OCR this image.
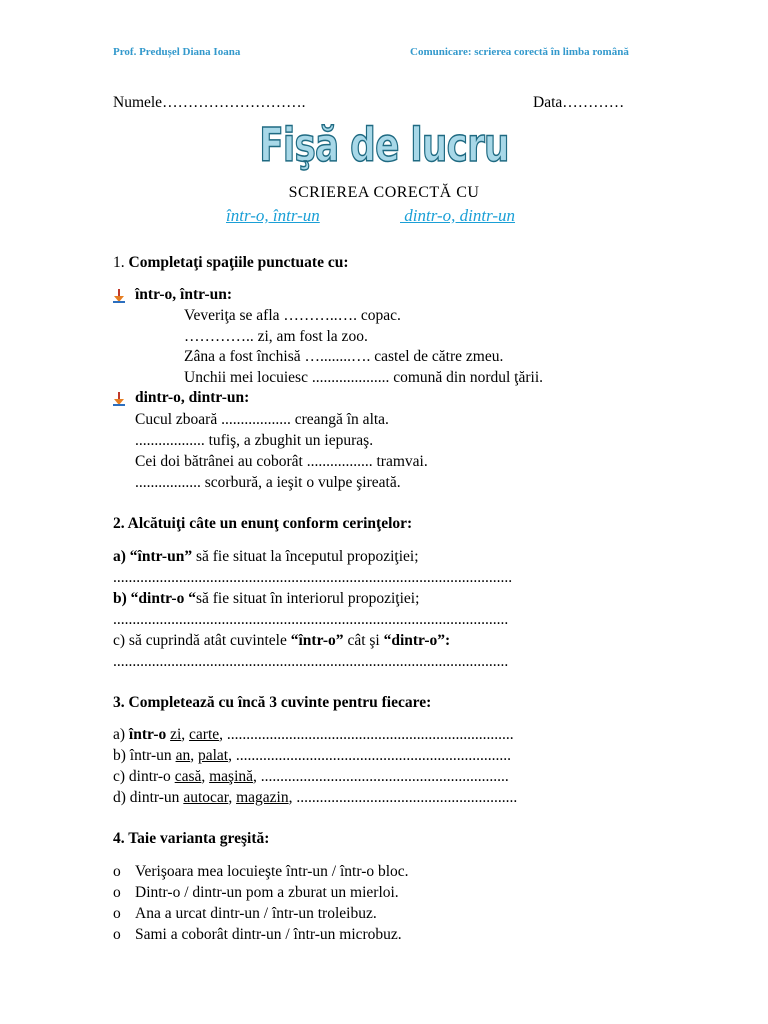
Prof. Predușel Diana Ioana	Comunicare: scrierea corectă în limba română
Numele……………………….	Data…………
Fişă de lucru
SCRIEREA CORECTĂ CU
într-o, într-un	dintr-o, dintr-un
1. Completaţi spaţiile punctuate cu:
într-o, într-un:
Veveriţa se afla ………..…. copac.
………….. zi, am fost la zoo.
Zâna a fost închisă …........…. castel de către zmeu.
Unchii mei locuiesc .................... comună din nordul ţării.
dintr-o, dintr-un:
Cucul zboară .................. creangă în alta.
.................. tufiş, a zbughit un iepuraş.
Cei doi bătrânei au coborât ................. tramvai.
................. scorbură, a ieşit o vulpe şireată.
2. Alcătuiţi câte un enunţ conform cerinţelor:
a) “într-un” să fie situat la începutul propoziţiei;
.......................................................................................................
b) “dintr-o “să fie situat în interiorul propoziţiei;
......................................................................................................
c) să cuprindă atât cuvintele “într-o” cât şi “dintr-o”:
......................................................................................................
3. Completează cu încă 3 cuvinte pentru fiecare:
a) într-o zi, carte, ..........................................................................
b) într-un an, palat, .......................................................................
c) dintr-o casă, maşină, ................................................................
d) dintr-un autocar, magazin, .........................................................
4. Taie varianta greşită:
o Verişoara mea locuieşte într-un / într-o bloc.
o Dintr-o / dintr-un pom a zburat un mierloi.
o Ana a urcat dintr-un / într-un troleibuz.
o Sami a coborât dintr-un / într-un microbuz.
